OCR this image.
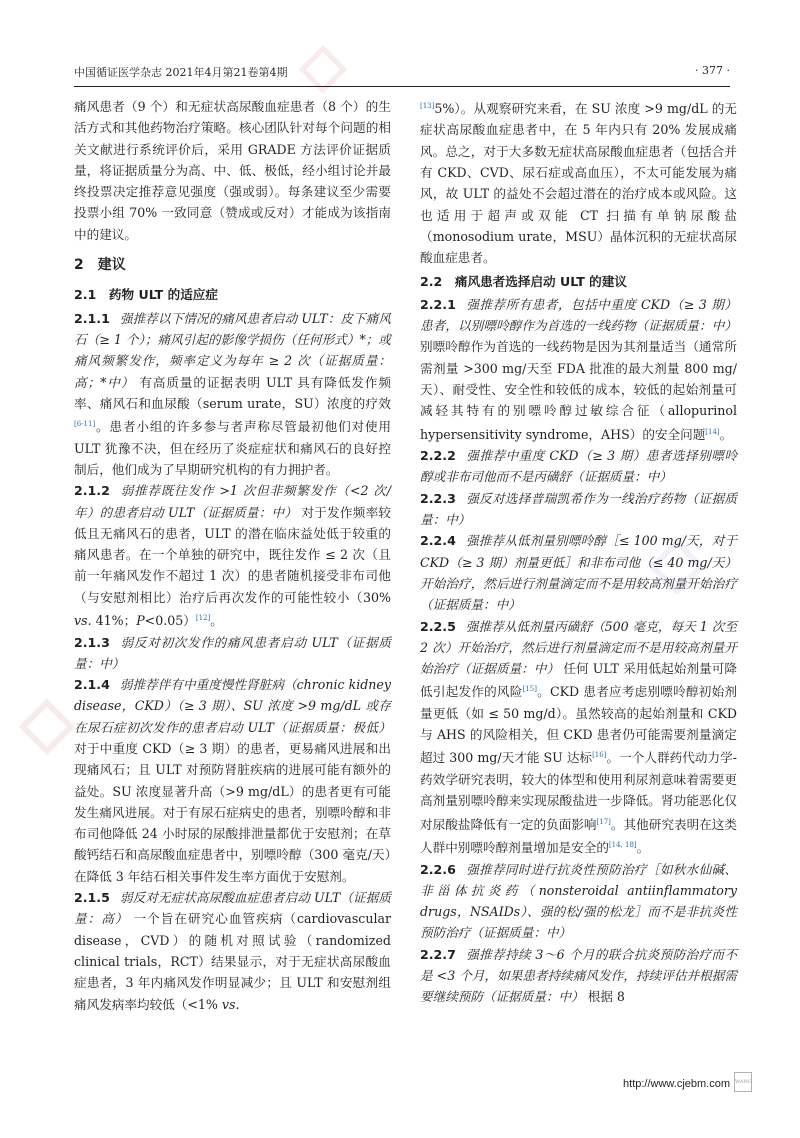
◇
◇
◇
中国循证医学杂志 2021年4月第21卷第4期	· 377 ·

痛风患者（9 个）和无症状高尿酸血症患者（8 个）的生活方式和其他药物治疗策略。核心团队针对每个问题的相关文献进行系统评价后，采用 GRADE 方法评价证据质量，将证据质量分为高、中、低、极低，经小组讨论并最终投票决定推荐意见强度（强或弱）。每条建议至少需要投票小组 70% 一致同意（赞成或反对）才能成为该指南中的建议。

2　建议
2.1　药物 ULT 的适应症

2.1.1 强推荐以下情况的痛风患者启动 ULT：皮下痛风石（≥ 1 个）；痛风引起的影像学损伤（任何形式）*；或痛风频繁发作，频率定义为每年 ≥ 2 次（证据质量：高；*中） 有高质量的证据表明 ULT 具有降低发作频率、痛风石和血尿酸（serum urate，SU）浓度的疗效[6-11]。患者小组的许多参与者声称尽管最初他们对使用 ULT 犹豫不决，但在经历了炎症症状和痛风石的良好控制后，他们成为了早期研究机构的有力拥护者。

2.1.2 弱推荐既往发作 >1 次但非频繁发作（<2 次/年）的患者启动 ULT（证据质量：中） 对于发作频率较低且无痛风石的患者，ULT 的潜在临床益处低于较重的痛风患者。在一个单独的研究中，既往发作 ≤ 2 次（且前一年痛风发作不超过 1 次）的患者随机接受非布司他（与安慰剂相比）治疗后再次发作的可能性较小（30% vs. 41%；P<0.05）[12]。

2.1.3 弱反对初次发作的痛风患者启动 ULT（证据质量：中）

2.1.4 弱推荐伴有中重度慢性肾脏病（chronic kidney disease，CKD）（≥ 3 期）、SU 浓度 >9 mg/dL 或存在尿石症初次发作的患者启动 ULT（证据质量：极低） 对于中重度 CKD（≥ 3 期）的患者，更易痛风进展和出现痛风石；且 ULT 对预防肾脏疾病的进展可能有额外的益处。SU 浓度显著升高（>9 mg/dL）的患者更有可能发生痛风进展。对于有尿石症病史的患者，别嘌呤醇和非布司他降低 24 小时尿的尿酸排泄量都优于安慰剂；在草酸钙结石和高尿酸血症患者中，别嘌呤醇（300 毫克/天）在降低 3 年结石相关事件发生率方面优于安慰剂。

2.1.5 弱反对无症状高尿酸血症患者启动 ULT（证据质量：高） 一个旨在研究心血管疾病（cardiovascular disease，CVD）的随机对照试验（randomized clinical trials，RCT）结果显示，对于无症状高尿酸血症患者，3 年内痛风发作明显减少；且 ULT 和安慰剂组痛风发病率均较低（<1% vs.

[13]5%）。从观察研究来看，在 SU 浓度 >9 mg/dL 的无症状高尿酸血症患者中，在 5 年内只有 20% 发展成痛风。总之，对于大多数无症状高尿酸血症患者（包括合并有 CKD、CVD、尿石症或高血压），不太可能发展为痛风，故 ULT 的益处不会超过潜在的治疗成本或风险。这也适用于超声或双能 CT 扫描有单钠尿酸盐（monosodium urate，MSU）晶体沉积的无症状高尿酸血症患者。

2.2　痛风患者选择启动 ULT 的建议

2.2.1 强推荐所有患者，包括中重度 CKD（≥ 3 期）患者，以别嘌呤醇作为首选的一线药物（证据质量：中） 别嘌呤醇作为首选的一线药物是因为其剂量适当（通常所需剂量 >300 mg/天至 FDA 批准的最大剂量 800 mg/天）、耐受性、安全性和较低的成本，较低的起始剂量可减轻其特有的别嘌呤醇过敏综合征（allopurinol hypersensitivity syndrome，AHS）的安全问题[14]。

2.2.2 强推荐中重度 CKD（≥ 3 期）患者选择别嘌呤醇或非布司他而不是丙磺舒（证据质量：中）

2.2.3 强反对选择普瑞凯希作为一线治疗药物（证据质量：中）

2.2.4 强推荐从低剂量别嘌呤醇［≤ 100 mg/天，对于 CKD（≥ 3 期）剂量更低］和非布司他（≤ 40 mg/天）开始治疗，然后进行剂量滴定而不是用较高剂量开始治疗（证据质量：中）

2.2.5 强推荐从低剂量丙磺舒（500 毫克，每天 1 次至 2 次）开始治疗，然后进行剂量滴定而不是用较高剂量开始治疗（证据质量：中） 任何 ULT 采用低起始剂量可降低引起发作的风险[15]。CKD 患者应考虑别嘌呤醇初始剂量更低（如 ≤ 50 mg/d）。虽然较高的起始剂量和 CKD 与 AHS 的风险相关，但 CKD 患者仍可能需要剂量滴定超过 300 mg/天才能 SU 达标[16]。一个人群药代动力学-药效学研究表明，较大的体型和使用利尿剂意味着需要更高剂量别嘌呤醇来实现尿酸盐进一步降低。肾功能恶化仅对尿酸盐降低有一定的负面影响[17]。其他研究表明在这类人群中别嘌呤醇剂量增加是安全的[14, 18]。

2.2.6 强推荐同时进行抗炎性预防治疗［如秋水仙碱、非甾体抗炎药（nonsteroidal antiinflammatory drugs，NSAIDs）、强的松/强的松龙］而不是非抗炎性预防治疗（证据质量：中）

2.2.7 强推荐持续 3～6 个月的联合抗炎预防治疗而不是 <3 个月，如果患者持续痛风发作，持续评估并根据需要继续预防（证据质量：中） 根据 8

http://www.cjebm.com WANG
